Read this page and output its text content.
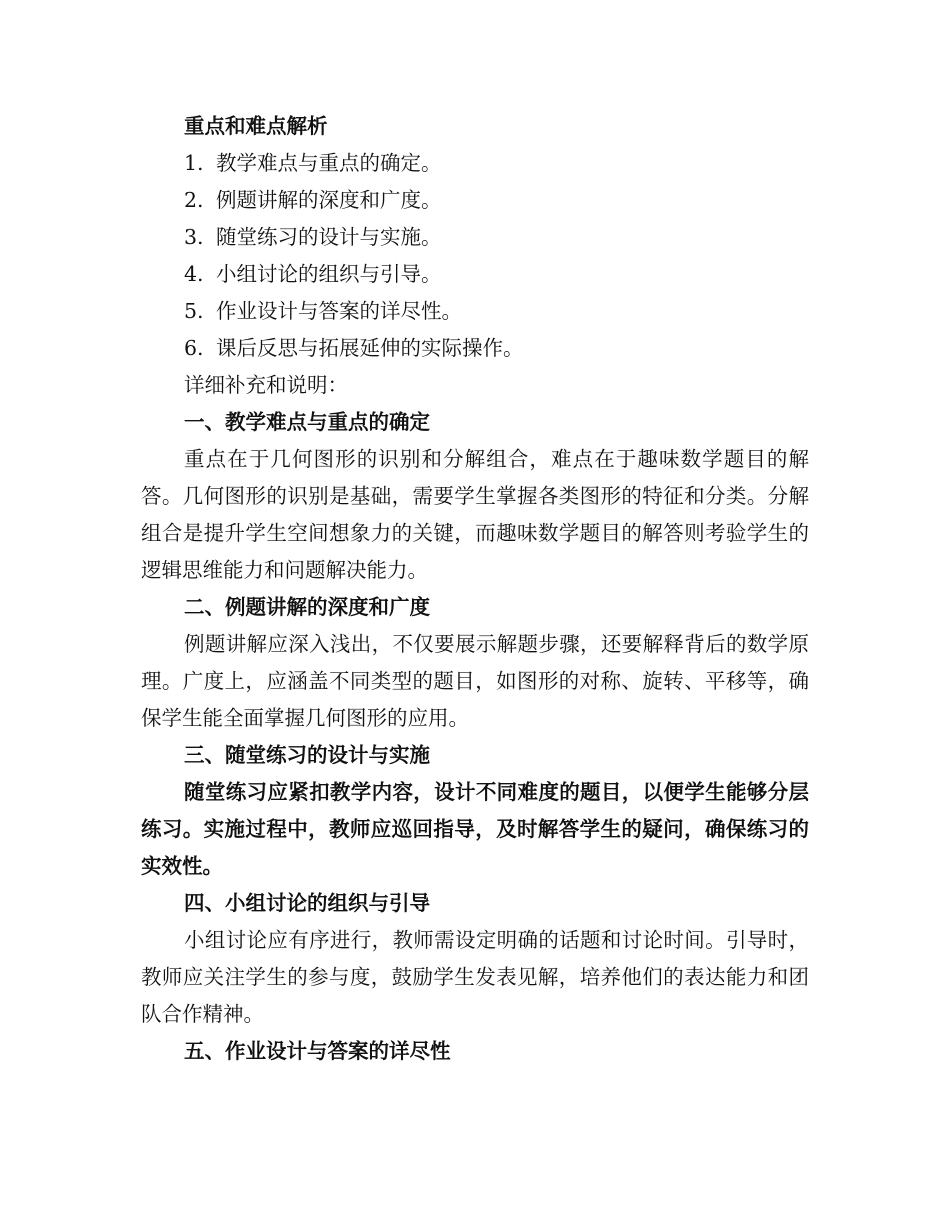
重点和难点解析

1. 教学难点与重点的确定。

2. 例题讲解的深度和广度。

3. 随堂练习的设计与实施。

4. 小组讨论的组织与引导。

5. 作业设计与答案的详尽性。

6. 课后反思与拓展延伸的实际操作。

详细补充和说明：

一、教学难点与重点的确定

重点在于几何图形的识别和分解组合，难点在于趣味数学题目的解答。几何图形的识别是基础，需要学生掌握各类图形的特征和分类。分解组合是提升学生空间想象力的关键，而趣味数学题目的解答则考验学生的逻辑思维能力和问题解决能力。

二、例题讲解的深度和广度

例题讲解应深入浅出，不仅要展示解题步骤，还要解释背后的数学原理。广度上，应涵盖不同类型的题目，如图形的对称、旋转、平移等，确保学生能全面掌握几何图形的应用。

三、随堂练习的设计与实施

随堂练习应紧扣教学内容，设计不同难度的题目，以便学生能够分层练习。实施过程中，教师应巡回指导，及时解答学生的疑问，确保练习的实效性。

四、小组讨论的组织与引导

小组讨论应有序进行，教师需设定明确的话题和讨论时间。引导时，教师应关注学生的参与度，鼓励学生发表见解，培养他们的表达能力和团队合作精神。

五、作业设计与答案的详尽性
